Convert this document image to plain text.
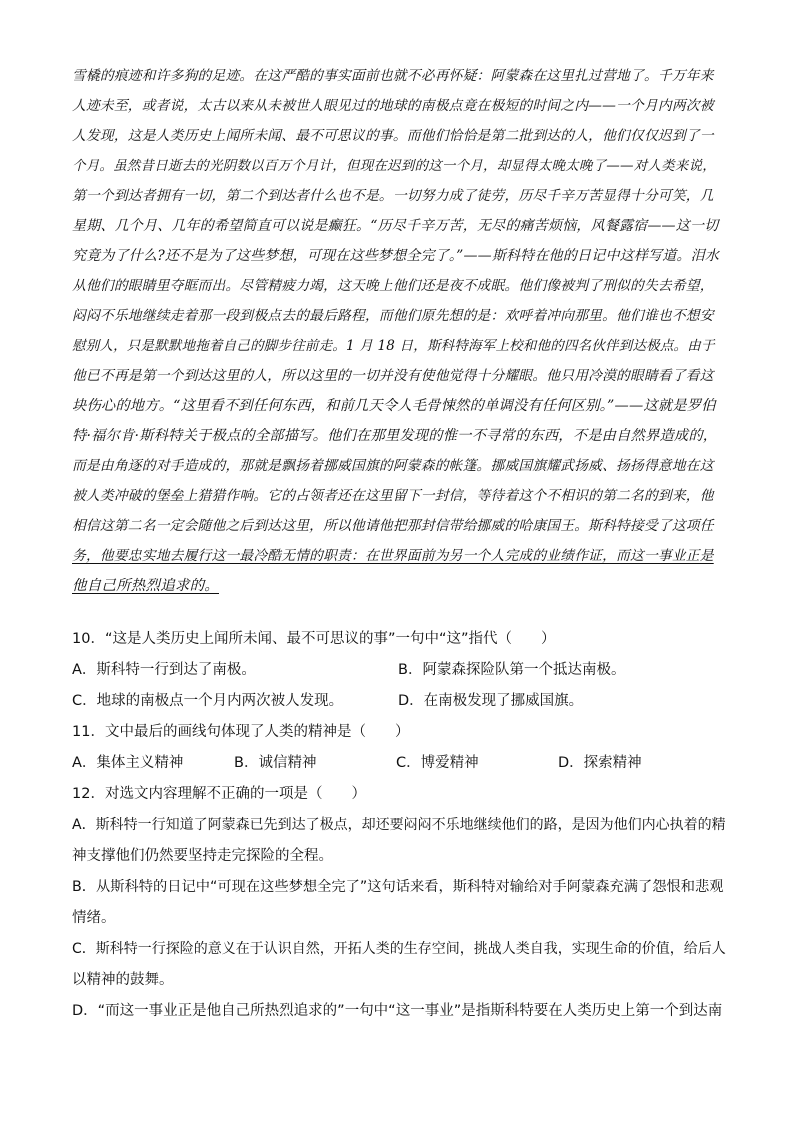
雪橇的痕迹和许多狗的足迹。在这严酷的事实面前也就不必再怀疑：阿蒙森在这里扎过营地了。千万年来
人迹未至，或者说，太古以来从未被世人眼见过的地球的南极点竟在极短的时间之内——一个月内两次被
人发现，这是人类历史上闻所未闻、最不可思议的事。而他们恰恰是第二批到达的人，他们仅仅迟到了一
个月。虽然昔日逝去的光阴数以百万个月计，但现在迟到的这一个月，却显得太晚太晚了——对人类来说，
第一个到达者拥有一切，第二个到达者什么也不是。一切努力成了徒劳，历尽千辛万苦显得十分可笑，几
星期、几个月、几年的希望简直可以说是癫狂。“历尽千辛万苦，无尽的痛苦烦恼，风餐露宿——这一切
究竟为了什么?还不是为了这些梦想，可现在这些梦想全完了。”——斯科特在他的日记中这样写道。泪水
从他们的眼睛里夺眶而出。尽管精疲力竭，这天晚上他们还是夜不成眠。他们像被判了刑似的失去希望，
闷闷不乐地继续走着那一段到极点去的最后路程，而他们原先想的是：欢呼着冲向那里。他们谁也不想安
慰别人，只是默默地拖着自己的脚步往前走。1 月 18 日，斯科特海军上校和他的四名伙伴到达极点。由于
他已不再是第一个到达这里的人，所以这里的一切并没有使他觉得十分耀眼。他只用冷漠的眼睛看了看这
块伤心的地方。“这里看不到任何东西，和前几天令人毛骨悚然的单调没有任何区别。”——这就是罗伯
特·福尔肯·斯科特关于极点的全部描写。他们在那里发现的惟一不寻常的东西，不是由自然界造成的，
而是由角逐的对手造成的，那就是飘扬着挪威国旗的阿蒙森的帐篷。挪威国旗耀武扬威、扬扬得意地在这
被人类冲破的堡垒上猎猎作响。它的占领者还在这里留下一封信，等待着这个不相识的第二名的到来，他
相信这第二名一定会随他之后到达这里，所以他请他把那封信带给挪威的哈康国王。斯科特接受了这项任
务，他要忠实地去履行这一最冷酷无情的职责：在世界面前为另一个人完成的业绩作证，而这一事业正是
他自己所热烈追求的。
10．“这是人类历史上闻所未闻、最不可思议的事”一句中“这”指代（　　）
A．斯科特一行到达了南极。	B．阿蒙森探险队第一个抵达南极。
C．地球的南极点一个月内两次被人发现。	D．在南极发现了挪威国旗。
11．文中最后的画线句体现了人类的精神是（　　）
A．集体主义精神	B．诚信精神	C．博爱精神	D．探索精神
12．对选文内容理解不正确的一项是（　　）
A．斯科特一行知道了阿蒙森已先到达了极点，却还要闷闷不乐地继续他们的路，是因为他们内心执着的精
神支撑他们仍然要坚持走完探险的全程。
B．从斯科特的日记中“可现在这些梦想全完了”这句话来看，斯科特对输给对手阿蒙森充满了怨恨和悲观
情绪。
C．斯科特一行探险的意义在于认识自然，开拓人类的生存空间，挑战人类自我，实现生命的价值，给后人
以精神的鼓舞。
D．“而这一事业正是他自己所热烈追求的”一句中“这一事业”是指斯科特要在人类历史上第一个到达南
